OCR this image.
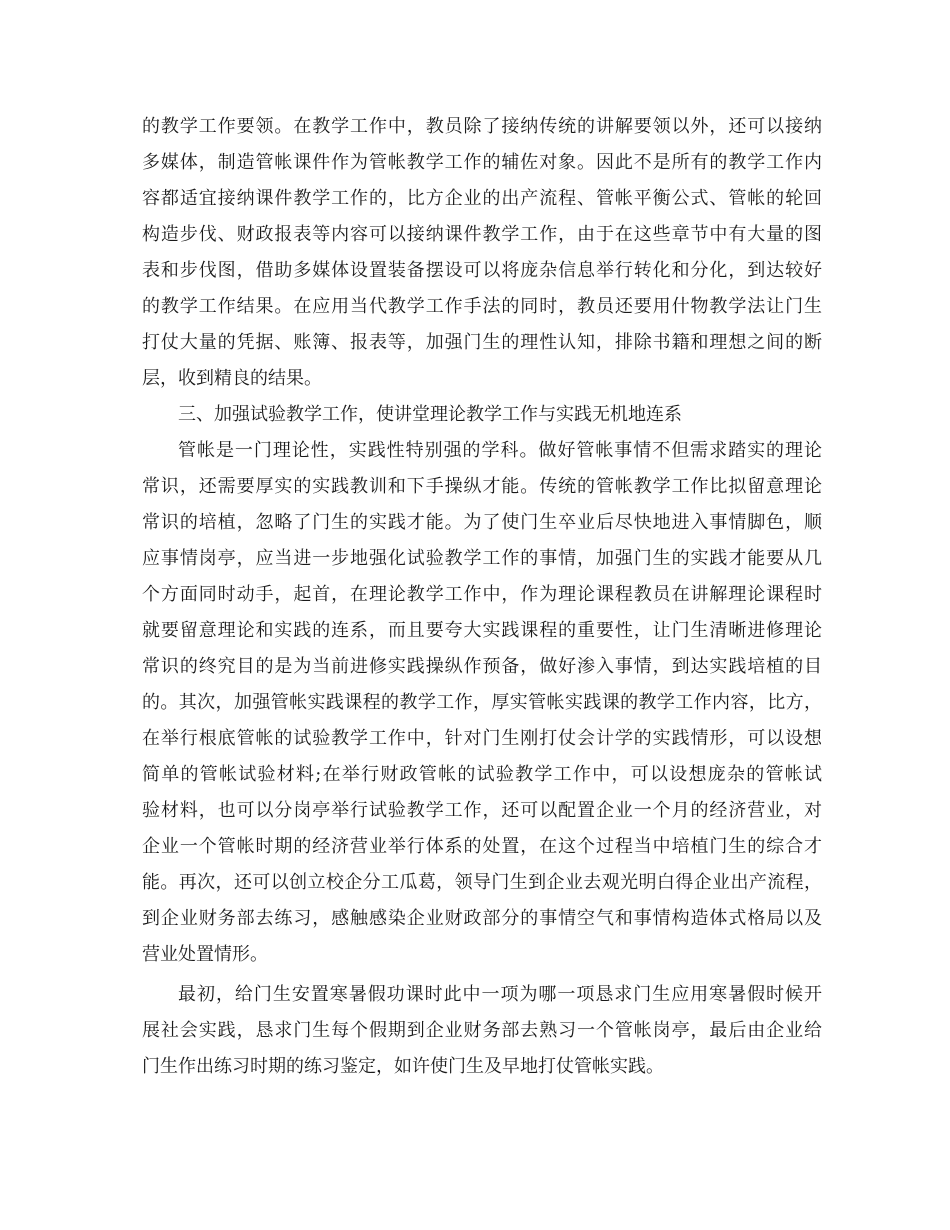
的教学工作要领。在教学工作中，教员除了接纳传统的讲解要领以外，还可以接纳
多媒体，制造管帐课件作为管帐教学工作的辅佐对象。因此不是所有的教学工作内
容都适宜接纳课件教学工作的，比方企业的出产流程、管帐平衡公式、管帐的轮回
构造步伐、财政报表等内容可以接纳课件教学工作，由于在这些章节中有大量的图
表和步伐图，借助多媒体设置装备摆设可以将庞杂信息举行转化和分化，到达较好
的教学工作结果。在应用当代教学工作手法的同时，教员还要用什物教学法让门生
打仗大量的凭据、账簿、报表等，加强门生的理性认知，排除书籍和理想之间的断
层，收到精良的结果。
三、加强试验教学工作，使讲堂理论教学工作与实践无机地连系
管帐是一门理论性，实践性特别强的学科。做好管帐事情不但需求踏实的理论
常识，还需要厚实的实践教训和下手操纵才能。传统的管帐教学工作比拟留意理论
常识的培植，忽略了门生的实践才能。为了使门生卒业后尽快地进入事情脚色，顺
应事情岗亭，应当进一步地强化试验教学工作的事情，加强门生的实践才能要从几
个方面同时动手，起首，在理论教学工作中，作为理论课程教员在讲解理论课程时
就要留意理论和实践的连系，而且要夸大实践课程的重要性，让门生清晰进修理论
常识的终究目的是为当前进修实践操纵作预备，做好渗入事情，到达实践培植的目
的。其次，加强管帐实践课程的教学工作，厚实管帐实践课的教学工作内容，比方，
在举行根底管帐的试验教学工作中，针对门生刚打仗会计学的实践情形，可以设想
简单的管帐试验材料;在举行财政管帐的试验教学工作中，可以设想庞杂的管帐试
验材料，也可以分岗亭举行试验教学工作，还可以配置企业一个月的经济营业，对
企业一个管帐时期的经济营业举行体系的处置，在这个过程当中培植门生的综合才
能。再次，还可以创立校企分工瓜葛，领导门生到企业去观光明白得企业出产流程，
到企业财务部去练习，感触感染企业财政部分的事情空气和事情构造体式格局以及
营业处置情形。
最初，给门生安置寒暑假功课时此中一项为哪一项恳求门生应用寒暑假时候开
展社会实践，恳求门生每个假期到企业财务部去熟习一个管帐岗亭，最后由企业给
门生作出练习时期的练习鉴定，如许使门生及早地打仗管帐实践。
